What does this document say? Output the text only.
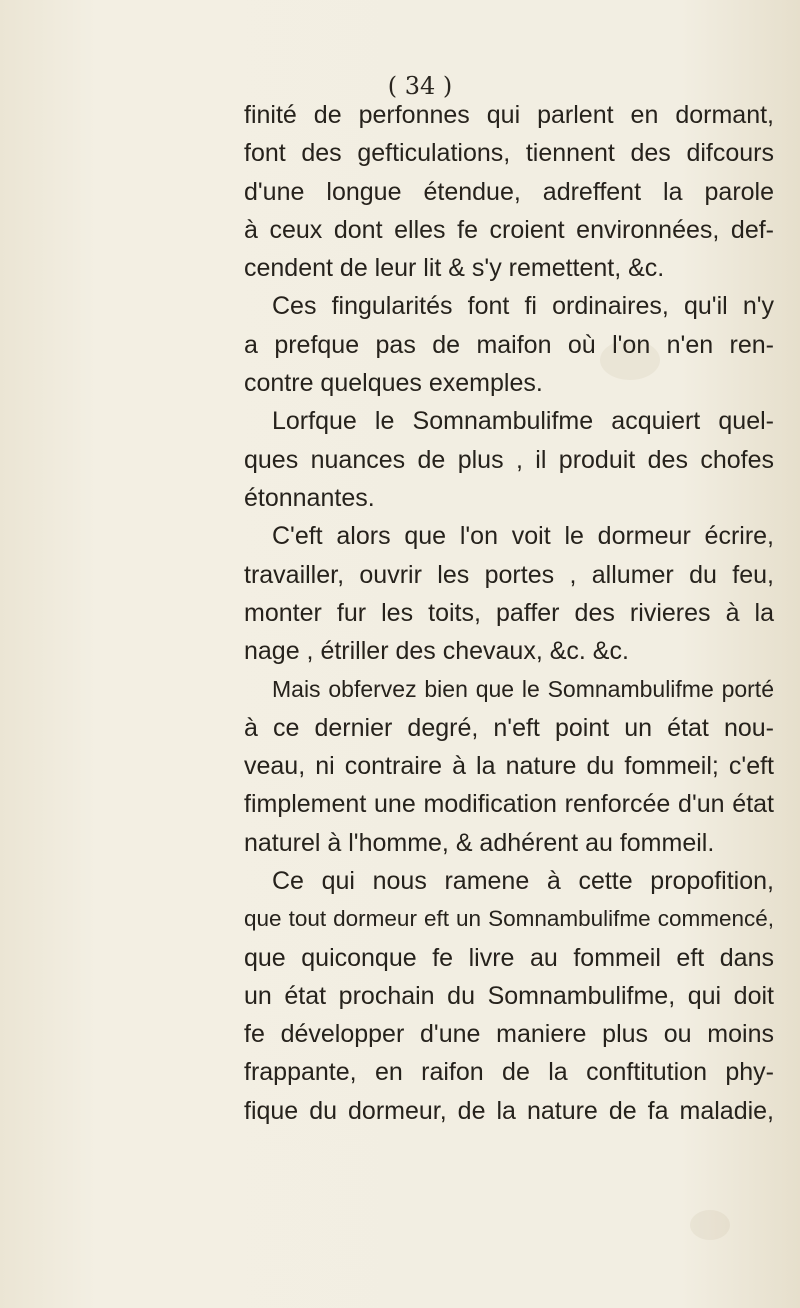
( 34 )
finité de perfonnes qui parlent en dormant,
font des gefticulations, tiennent des difcours
d'une longue étendue, adreffent la parole
à ceux dont elles fe croient environnées, def-
cendent de leur lit & s'y remettent, &c.
Ces fingularités font fi ordinaires, qu'il n'y
a prefque pas de maifon où l'on n'en ren-
contre quelques exemples.
Lorfque le Somnambulifme acquiert quel-
ques nuances de plus , il produit des chofes
étonnantes.
C'eft alors que l'on voit le dormeur écrire,
travailler, ouvrir les portes , allumer du feu,
monter fur les toits, paffer des rivieres à la
nage , étriller des chevaux, &c. &c.
Mais obfervez bien que le Somnambulifme porté
à ce dernier degré, n'eft point un état nou-
veau, ni contraire à la nature du fommeil; c'eft
fimplement une modification renforcée d'un état
naturel à l'homme, & adhérent au fommeil.
Ce qui nous ramene à cette propofition,
que tout dormeur eft un Somnambulifme commencé,
que quiconque fe livre au fommeil eft dans
un état prochain du Somnambulifme, qui doit
fe développer d'une maniere plus ou moins
frappante, en raifon de la conftitution phy-
fique du dormeur, de la nature de fa maladie,
